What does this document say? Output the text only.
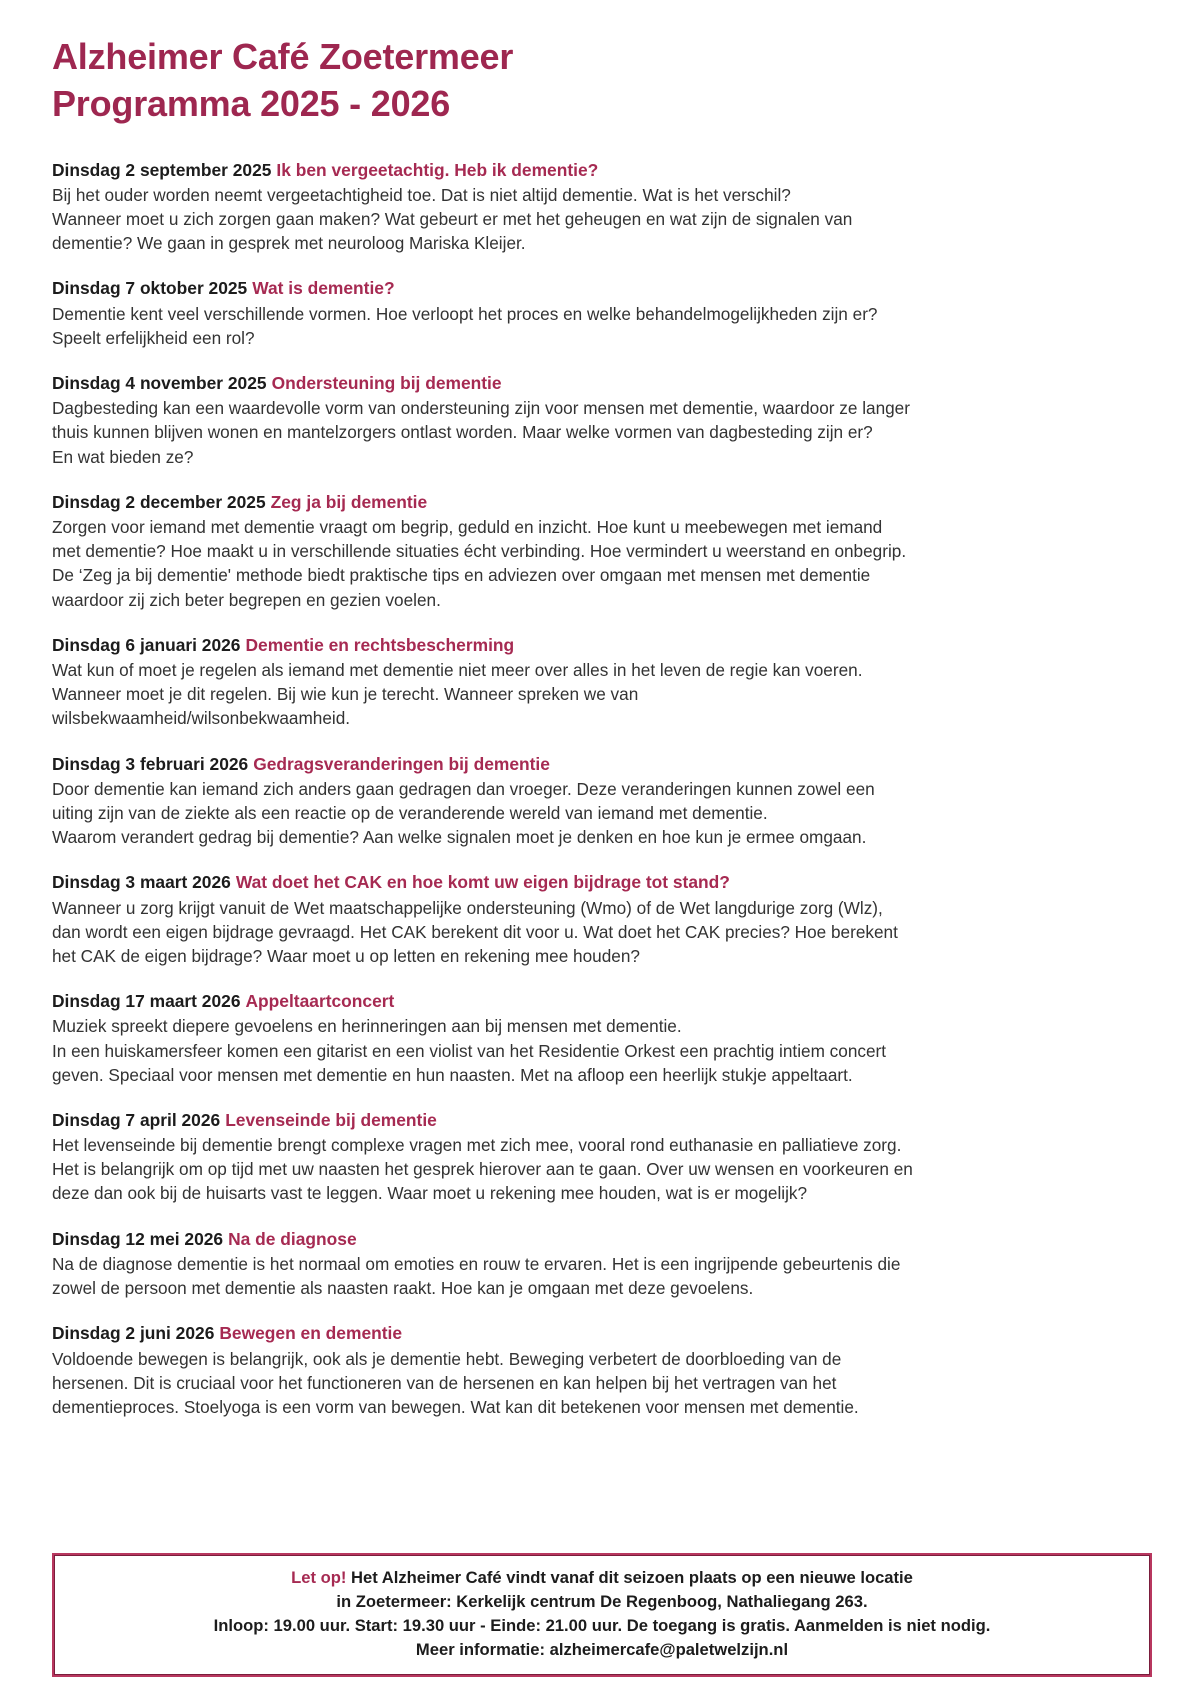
Alzheimer Café Zoetermeer
Programma 2025 - 2026
Dinsdag 2 september 2025 Ik ben vergeetachtig. Heb ik dementie?

Bij het ouder worden neemt vergeetachtigheid toe. Dat is niet altijd dementie. Wat is het verschil?
Wanneer moet u zich zorgen gaan maken? Wat gebeurt er met het geheugen en wat zijn de signalen van
dementie? We gaan in gesprek met neuroloog Mariska Kleijer.

Dinsdag 7 oktober 2025 Wat is dementie?

Dementie kent veel verschillende vormen. Hoe verloopt het proces en welke behandelmogelijkheden zijn er?
Speelt erfelijkheid een rol?

Dinsdag 4 november 2025 Ondersteuning bij dementie

Dagbesteding kan een waardevolle vorm van ondersteuning zijn voor mensen met dementie, waardoor ze langer
thuis kunnen blijven wonen en mantelzorgers ontlast worden. Maar welke vormen van dagbesteding zijn er?
En wat bieden ze?

Dinsdag 2 december 2025 Zeg ja bij dementie

Zorgen voor iemand met dementie vraagt om begrip, geduld en inzicht. Hoe kunt u meebewegen met iemand
met dementie? Hoe maakt u in verschillende situaties écht verbinding. Hoe vermindert u weerstand en onbegrip.
De ‘Zeg ja bij dementie' methode biedt praktische tips en adviezen over omgaan met mensen met dementie
waardoor zij zich beter begrepen en gezien voelen.

Dinsdag 6 januari 2026 Dementie en rechtsbescherming

Wat kun of moet je regelen als iemand met dementie niet meer over alles in het leven de regie kan voeren.
Wanneer moet je dit regelen. Bij wie kun je terecht. Wanneer spreken we van
wilsbekwaamheid/wilsonbekwaamheid.

Dinsdag 3 februari 2026 Gedragsveranderingen bij dementie

Door dementie kan iemand zich anders gaan gedragen dan vroeger. Deze veranderingen kunnen zowel een
uiting zijn van de ziekte als een reactie op de veranderende wereld van iemand met dementie.
Waarom verandert gedrag bij dementie? Aan welke signalen moet je denken en hoe kun je ermee omgaan.

Dinsdag 3 maart 2026 Wat doet het CAK en hoe komt uw eigen bijdrage tot stand?

Wanneer u zorg krijgt vanuit de Wet maatschappelijke ondersteuning (Wmo) of de Wet langdurige zorg (Wlz),
dan wordt een eigen bijdrage gevraagd. Het CAK berekent dit voor u. Wat doet het CAK precies? Hoe berekent
het CAK de eigen bijdrage? Waar moet u op letten en rekening mee houden?

Dinsdag 17 maart 2026 Appeltaartconcert

Muziek spreekt diepere gevoelens en herinneringen aan bij mensen met dementie.
In een huiskamersfeer komen een gitarist en een violist van het Residentie Orkest een prachtig intiem concert
geven. Speciaal voor mensen met dementie en hun naasten. Met na afloop een heerlijk stukje appeltaart.

Dinsdag 7 april 2026 Levenseinde bij dementie

Het levenseinde bij dementie brengt complexe vragen met zich mee, vooral rond euthanasie en palliatieve zorg.
Het is belangrijk om op tijd met uw naasten het gesprek hierover aan te gaan. Over uw wensen en voorkeuren en
deze dan ook bij de huisarts vast te leggen. Waar moet u rekening mee houden, wat is er mogelijk?

Dinsdag 12 mei 2026 Na de diagnose

Na de diagnose dementie is het normaal om emoties en rouw te ervaren. Het is een ingrijpende gebeurtenis die
zowel de persoon met dementie als naasten raakt. Hoe kan je omgaan met deze gevoelens.

Dinsdag 2 juni 2026 Bewegen en dementie

Voldoende bewegen is belangrijk, ook als je dementie hebt. Beweging verbetert de doorbloeding van de
hersenen. Dit is cruciaal voor het functioneren van de hersenen en kan helpen bij het vertragen van het
dementieproces. Stoelyoga is een vorm van bewegen. Wat kan dit betekenen voor mensen met dementie.

Let op! Het Alzheimer Café vindt vanaf dit seizoen plaats op een nieuwe locatie
in Zoetermeer: Kerkelijk centrum De Regenboog, Nathaliegang 263.
Inloop: 19.00 uur. Start: 19.30 uur - Einde: 21.00 uur. De toegang is gratis. Aanmelden is niet nodig.
Meer informatie: alzheimercafe@paletwelzijn.nl
